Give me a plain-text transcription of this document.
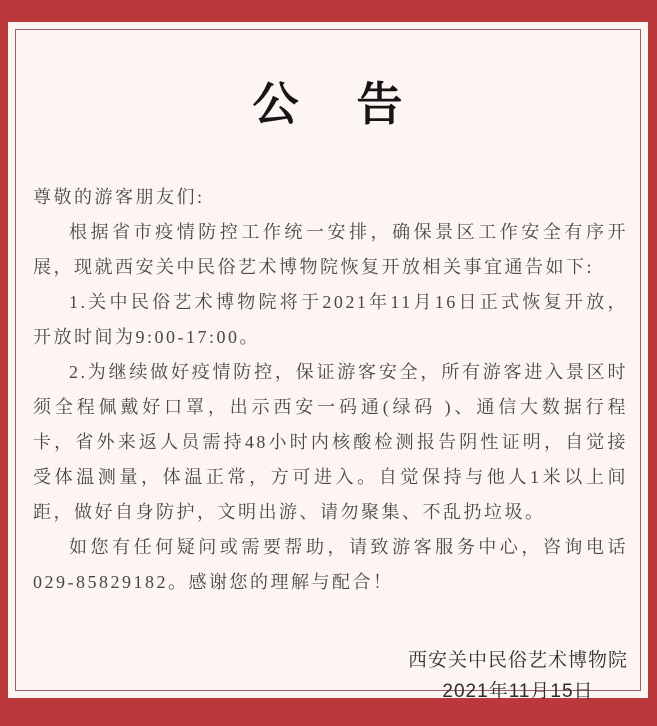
公　告

尊敬的游客朋友们:

根据省市疫情防控工作统一安排，确保景区工作安全有序开展，现就西安关中民俗艺术博物院恢复开放相关事宜通告如下:

1.关中民俗艺术博物院将于2021年11月16日正式恢复开放，开放时间为9:00-17:00。

2.为继续做好疫情防控，保证游客安全，所有游客进入景区时须全程佩戴好口罩，出示西安一码通(绿码 )、通信大数据行程卡，省外来返人员需持48小时内核酸检测报告阴性证明，自觉接受体温测量，体温正常，方可进入。自觉保持与他人1米以上间距，做好自身防护，文明出游、请勿聚集、不乱扔垃圾。

如您有任何疑问或需要帮助，请致游客服务中心，咨询电话029-85829182。感谢您的理解与配合！

西安关中民俗艺术博物院
2021年11月15日
